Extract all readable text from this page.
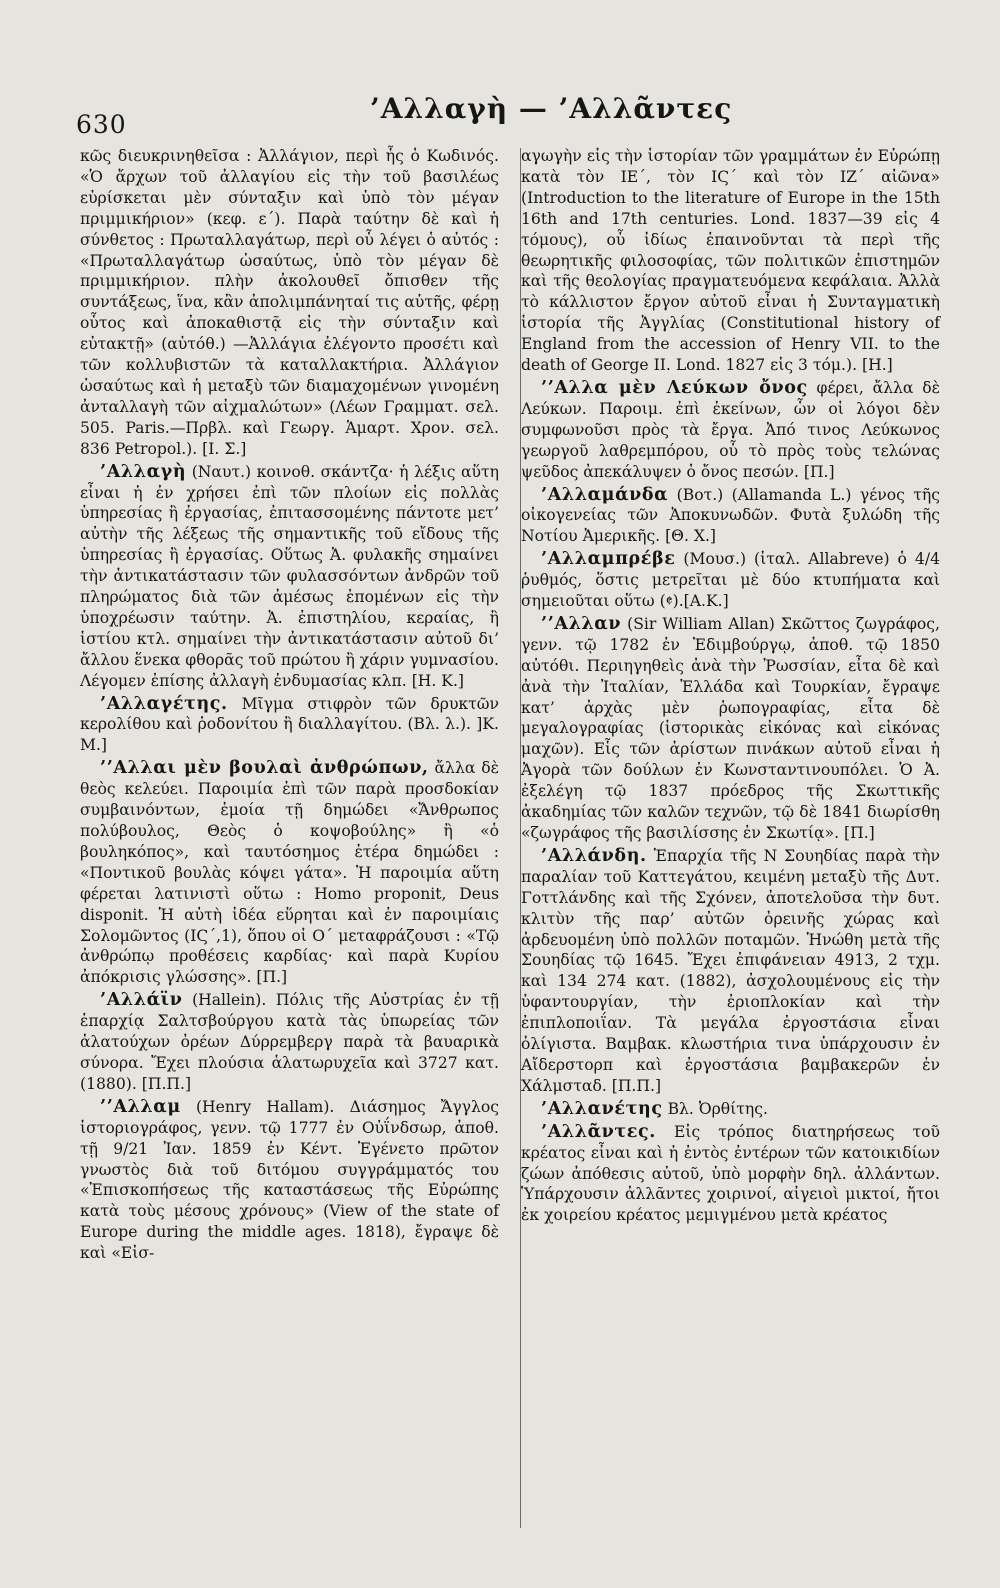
630	’Αλλαγὴ — ’Αλλᾶντες

κῶς διευκρινηθεῖσα : Ἀλλάγιον, περὶ ἧς ὁ Κωδινός. «Ὁ ἄρχων τοῦ ἀλλαγίου εἰς τὴν τοῦ βασιλέως εὑρίσκεται μὲν σύνταξιν καὶ ὑπὸ τὸν μέγαν πριμμικήριον» (κεφ. ε΄). Παρὰ ταύτην δὲ καὶ ἡ σύνθετος : Πρωταλλαγάτωρ, περὶ οὗ λέγει ὁ αὐτός : «Πρωταλλαγάτωρ ὡσαύτως, ὑπὸ τὸν μέγαν δὲ πριμμικήριον. πλὴν ἀκολουθεῖ ὄπισθεν τῆς συντάξεως, ἵνα, κἂν ἀπολιμπάνηταί τις αὐτῆς, φέρῃ οὗτος καὶ ἀποκαθιστᾷ εἰς τὴν σύνταξιν καὶ εὐτακτῇ» (αὐτόθ.) —Ἀλλάγια ἐλέγοντο προσέτι καὶ τῶν κολλυβιστῶν τὰ καταλλακτήρια. Ἀλλάγιον ὡσαύτως καὶ ἡ μεταξὺ τῶν διαμαχομένων γινομένη ἀνταλλαγὴ τῶν αἰχμαλώτων» (Λέων Γραμματ. σελ. 505. Paris.—Πρβλ. καὶ Γεωργ. Ἁμαρτ. Χρον. σελ. 836 Petropol.). [Ι. Σ.]

’Αλλαγὴ (Ναυτ.) κοινοθ. σκάντζα· ἡ λέξις αὕτη εἶναι ἡ ἐν χρήσει ἐπὶ τῶν πλοίων εἰς πολλὰς ὑπηρεσίας ἢ ἐργασίας, ἐπιτασσομένης πάντοτε μετ’ αὐτὴν τῆς λέξεως τῆς σημαντικῆς τοῦ εἴδους τῆς ὑπηρεσίας ἢ ἐργασίας. Οὕτως Ἀ. φυλακῆς σημαίνει τὴν ἀντικατάστασιν τῶν φυλασσόντων ἀνδρῶν τοῦ πληρώματος διὰ τῶν ἀμέσως ἑπομένων εἰς τὴν ὑποχρέωσιν ταύτην. Ἀ. ἐπιστηλίου, κεραίας, ἢ ἱστίου κτλ. σημαίνει τὴν ἀντικατάστασιν αὐτοῦ δι’ ἄλλου ἕνεκα φθορᾶς τοῦ πρώτου ἢ χάριν γυμνασίου. Λέγομεν ἐπίσης ἀλλαγὴ ἐνδυμασίας κλπ. [Η. Κ.]

’Αλλαγέτης. Μῖγμα στιφρὸν τῶν δρυκτῶν κερολίθου καὶ ῥοδονίτου ἢ διαλλαγίτου. (Βλ. λ.). ]Κ. Μ.]

’’Αλλαι μὲν βουλαὶ ἀνθρώπων, ἄλλα δὲ θεὸς κελεύει. Παροιμία ἐπὶ τῶν παρὰ προσδοκίαν συμβαινόντων, ἐμοία τῇ δημώδει «Ἄνθρωπος πολύβουλος, Θεὸς ὁ κοψοβούλης» ἢ «ὁ βουληκόπος», καὶ ταυτόσημος ἑτέρα δημώδει : «Ποντικοῦ βουλὰς κόψει γάτα». Ἡ παροιμία αὕτη φέρεται λατινιστὶ οὕτω : Homo proponit, Deus disponit. Ἡ αὐτὴ ἰδέα εὕρηται καὶ ἐν παροιμίαις Σολομῶντος (ΙϚ΄,1), ὅπου οἱ Ο΄ μεταφράζουσι : «Τῷ ἀνθρώπῳ προθέσεις καρδίας· καὶ παρὰ Κυρίου ἀπόκρισις γλώσσης». [Π.]

’Αλλάϊν (Hallein). Πόλις τῆς Αὐστρίας ἐν τῇ ἐπαρχίᾳ Σαλτσβούργου κατὰ τὰς ὑπωρείας τῶν ἁλατούχων ὀρέων Δύρρεμβεργ παρὰ τὰ βαυαρικὰ σύνορα. Ἔχει πλούσια ἁλατωρυχεῖα καὶ 3727 κατ. (1880). [Π.Π.]

’’Αλλαμ (Henry Hallam). Διάσημος Ἄγγλος ἱστοριογράφος, γενν. τῷ 1777 ἐν Οὐΐνδσωρ, ἀποθ. τῇ 9/21 Ἰαν. 1859 ἐν Κέντ. Ἐγένετο πρῶτον γνωστὸς διὰ τοῦ διτόμου συγγράμματός του «Ἐπισκοπήσεως τῆς καταστάσεως τῆς Εὐρώπης κατὰ τοὺς μέσους χρόνους» (View of the state of Europe during the middle ages. 1818), ἔγραψε δὲ καὶ «Εἰσ-

αγωγὴν εἰς τὴν ἱστορίαν τῶν γραμμάτων ἐν Εὐρώπῃ κατὰ τὸν ΙΕ΄, τὸν ΙϚ΄ καὶ τὸν ΙΖ΄ αἰῶνα» (Introduction to the literature of Europe in the 15th 16th and 17th centuries. Lond. 1837—39 εἰς 4 τόμους), οὗ ἰδίως ἐπαινοῦνται τὰ περὶ τῆς θεωρητικῆς φιλοσοφίας, τῶν πολιτικῶν ἐπιστημῶν καὶ τῆς θεολογίας πραγματευόμενα κεφάλαια. Ἀλλὰ τὸ κάλλιστον ἔργον αὐτοῦ εἶναι ἡ Συνταγματικὴ ἱστορία τῆς Ἀγγλίας (Constitutional history of England from the accession of Henry VII. to the death of George II. Lond. 1827 εἰς 3 τόμ.). [Η.]

’’Αλλα μὲν Λεύκων ὄνος φέρει, ἄλλα δὲ Λεύκων. Παροιμ. ἐπὶ ἐκείνων, ὧν οἱ λόγοι δὲν συμφωνοῦσι πρὸς τὰ ἔργα. Ἀπό τινος Λεύκωνος γεωργοῦ λαθρεμπόρου, οὗ τὸ πρὸς τοὺς τελώνας ψεῦδος ἀπεκάλυψεν ὁ ὄνος πεσών. [Π.]

’Αλλαμάνδα (Βοτ.) (Allamanda L.) γένος τῆς οἰκογενείας τῶν Ἀποκυνωδῶν. Φυτὰ ξυλώδη τῆς Νοτίου Ἀμερικῆς. [Θ. Χ.]

’Αλλαμπρέβε (Μουσ.) (ἰταλ. Allabreve) ὁ 4/4 ῥυθμός, ὅστις μετρεῖται μὲ δύο κτυπήματα καὶ σημειοῦται οὕτω (𝄵).[Α.Κ.]

’’Αλλαν (Sir William Allan) Σκῶττος ζωγράφος, γενν. τῷ 1782 ἐν Ἐδιμβούργῳ, ἀποθ. τῷ 1850 αὐτόθι. Περιηγηθεὶς ἀνὰ τὴν Ῥωσσίαν, εἶτα δὲ καὶ ἀνὰ τὴν Ἰταλίαν, Ἑλλάδα καὶ Τουρκίαν, ἔγραψε κατ’ ἀρχὰς μὲν ῥωπογραφίας, εἶτα δὲ μεγαλογραφίας (ἱστορικὰς εἰκόνας καὶ εἰκόνας μαχῶν). Εἷς τῶν ἀρίστων πινάκων αὐτοῦ εἶναι ἡ Ἀγορὰ τῶν δούλων ἐν Κωνσταντινουπόλει. Ὁ Ἀ. ἐξελέγη τῷ 1837 πρόεδρος τῆς Σκωττικῆς ἀκαδημίας τῶν καλῶν τεχνῶν, τῷ δὲ 1841 διωρίσθη «ζωγράφος τῆς βασιλίσσης ἐν Σκωτίᾳ». [Π.]

’Αλλάνδη. Ἐπαρχία τῆς Ν Σουηδίας παρὰ τὴν παραλίαν τοῦ Καττεγάτου, κειμένη μεταξὺ τῆς Δυτ. Γοττλάνδης καὶ τῆς Σχόνεν, ἀποτελοῦσα τὴν δυτ. κλιτὺν τῆς παρ’ αὐτῶν ὀρεινῆς χώρας καὶ ἀρδευομένη ὑπὸ πολλῶν ποταμῶν. Ἡνώθη μετὰ τῆς Σουηδίας τῷ 1645. Ἔχει ἐπιφάνειαν 4913, 2 τχμ. καὶ 134 274 κατ. (1882), ἀσχολουμένους εἰς τὴν ὑφαντουργίαν, τὴν ἐριοπλοκίαν καὶ τὴν ἐπιπλοποιΐαν. Τὰ μεγάλα ἐργοστάσια εἶναι ὀλίγιστα. Βαμβακ. κλωστήρια τινα ὑπάρχουσιν ἐν Αἴδερστορπ καὶ ἐργοστάσια βαμβακερῶν ἐν Χάλμσταδ. [Π.Π.]

’Αλλανέτης Βλ. Ὀρθίτης.

’Αλλᾶντες. Εἰς τρόπος διατηρήσεως τοῦ κρέατος εἶναι καὶ ἡ ἐντὸς ἐντέρων τῶν κατοικιδίων ζώων ἀπόθεσις αὐτοῦ, ὑπὸ μορφὴν δηλ. ἀλλάντων. Ὑπάρχουσιν ἀλλᾶντες χοιρινοί, αἰγειοὶ μικτοί, ἤτοι ἐκ χοιρείου κρέατος μεμιγμένου μετὰ κρέατος
